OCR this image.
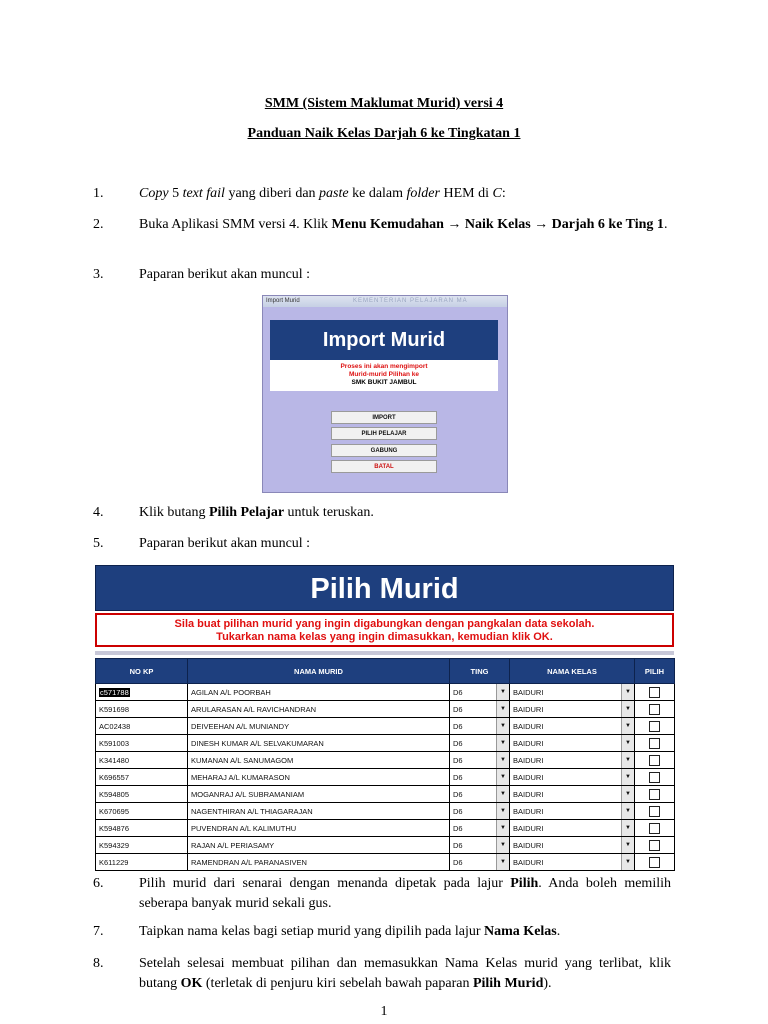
SMM (Sistem Maklumat Murid) versi 4
Panduan Naik Kelas Darjah 6 ke Tingkatan 1
1.	Copy 5 text fail yang diberi dan paste ke dalam folder HEM di C:
2.	Buka Aplikasi SMM versi 4. Klik Menu Kemudahan → Naik Kelas → Darjah 6 ke Ting 1.
3.	Paparan berikut akan muncul :
Import Murid	KEMENTERIAN PELAJARAN MA
Import Murid
Proses ini akan mengimport
Murid-murid Pilihan ke
SMK BUKIT JAMBUL
IMPORT
PILIH PELAJAR
GABUNG
BATAL
4.	Klik butang Pilih Pelajar untuk teruskan.
5.	Paparan berikut akan muncul :
Pilih Murid
Sila buat pilihan murid yang ingin digabungkan dengan pangkalan data sekolah.
Tukarkan nama kelas yang ingin dimasukkan, kemudian klik OK.
NO KP	NAMA MURID	TING	NAMA KELAS	PILIH
c571788	AGILAN A/L POORBAH	D6 ▼	BAIDURI ▼	

K591698	ARULARASAN A/L RAVICHANDRAN	D6 ▼	BAIDURI ▼	

AC02438	DEIVEEHAN A/L MUNIANDY	D6 ▼	BAIDURI ▼	

K591003	DINESH KUMAR A/L SELVAKUMARAN	D6 ▼	BAIDURI ▼	

K341480	KUMANAN A/L SANUMAGOM	D6 ▼	BAIDURI ▼	

K696557	MEHARAJ A/L KUMARASON	D6 ▼	BAIDURI ▼	

K594805	MOGANRAJ A/L SUBRAMANIAM	D6 ▼	BAIDURI ▼	

K670695	NAGENTHIRAN A/L THIAGARAJAN	D6 ▼	BAIDURI ▼	

K594876	PUVENDRAN A/L KALIMUTHU	D6 ▼	BAIDURI ▼	

K594329	RAJAN A/L PERIASAMY	D6 ▼	BAIDURI ▼	

K611229	RAMENDRAN A/L PARANASIVEN	D6 ▼	BAIDURI ▼	

6.	Pilih murid dari senarai dengan menanda dipetak pada lajur Pilih. Anda boleh memilih seberapa banyak murid sekali gus.
7.	Taipkan nama kelas bagi setiap murid yang dipilih pada lajur Nama Kelas.
8.	Setelah selesai membuat pilihan dan memasukkan Nama Kelas murid yang terlibat, klik butang OK (terletak di penjuru kiri sebelah bawah paparan Pilih Murid).
1
